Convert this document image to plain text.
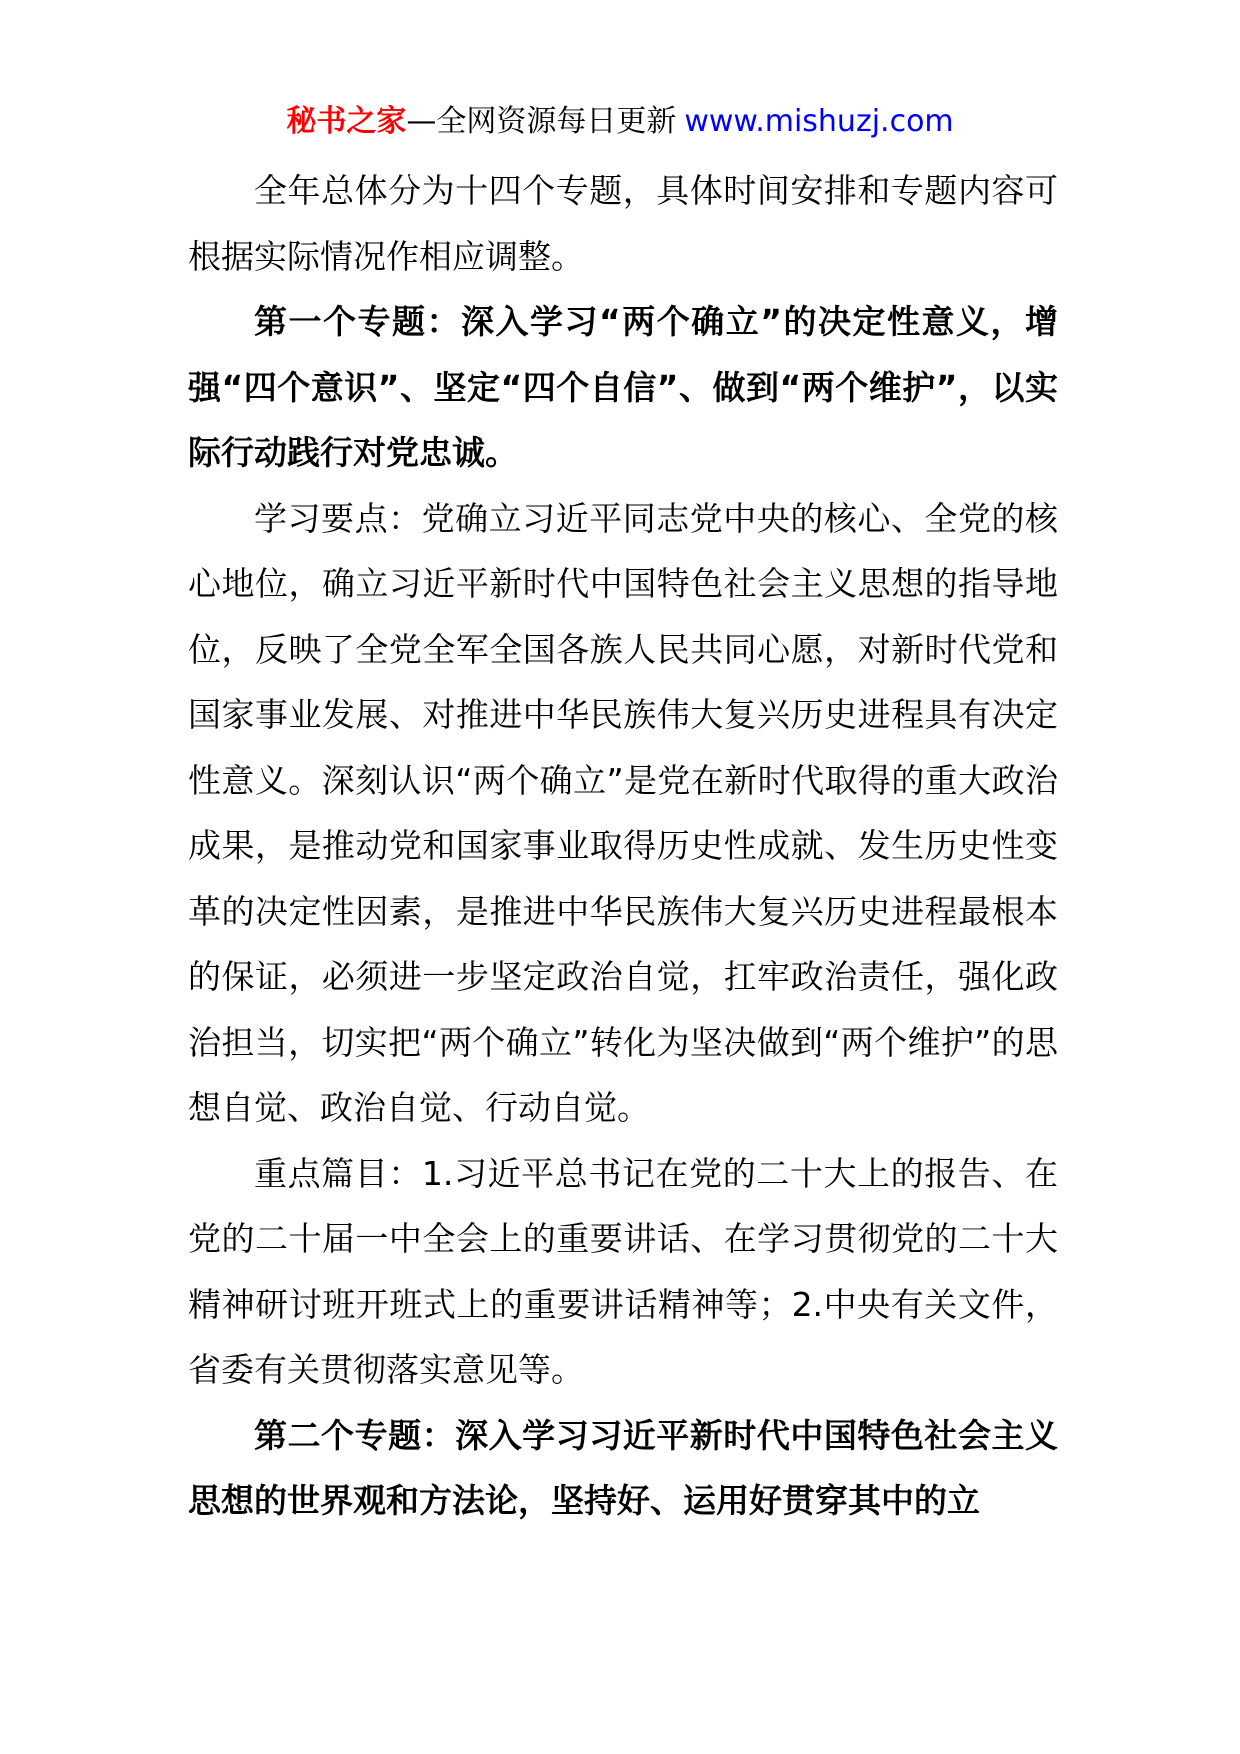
秘书之家—全网资源每日更新 www.mishuzj.com

全年总体分为十四个专题，具体时间安排和专题内容可根据实际情况作相应调整。

第一个专题：深入学习“两个确立”的决定性意义，增强“四个意识”、坚定“四个自信”、做到“两个维护”，以实际行动践行对党忠诚。

学习要点：党确立习近平同志党中央的核心、全党的核心地位，确立习近平新时代中国特色社会主义思想的指导地位，反映了全党全军全国各族人民共同心愿，对新时代党和国家事业发展、对推进中华民族伟大复兴历史进程具有决定性意义。深刻认识“两个确立”是党在新时代取得的重大政治成果，是推动党和国家事业取得历史性成就、发生历史性变革的决定性因素，是推进中华民族伟大复兴历史进程最根本的保证，必须进一步坚定政治自觉，扛牢政治责任，强化政治担当，切实把“两个确立”转化为坚决做到“两个维护”的思想自觉、政治自觉、行动自觉。

重点篇目：1.习近平总书记在党的二十大上的报告、在党的二十届一中全会上的重要讲话、在学习贯彻党的二十大精神研讨班开班式上的重要讲话精神等；2.中央有关文件，省委有关贯彻落实意见等。

第二个专题：深入学习习近平新时代中国特色社会主义思想的世界观和方法论，坚持好、运用好贯穿其中的立
